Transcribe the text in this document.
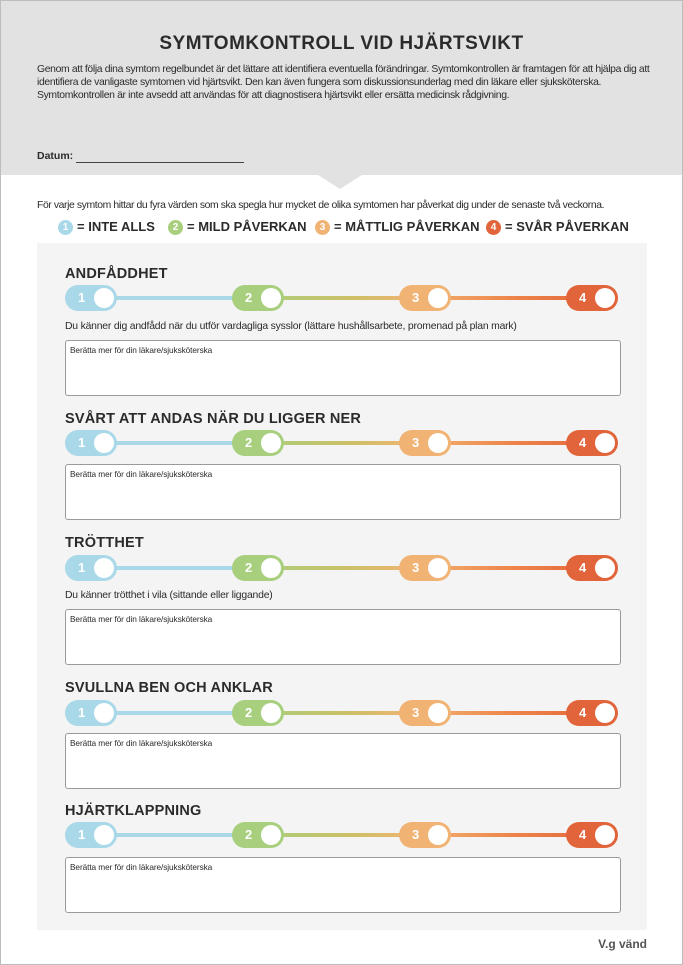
SYMTOMKONTROLL VID HJÄRTSVIKT
Genom att följa dina symtom regelbundet är det lättare att identifiera eventuella förändringar. Symtomkontrollen är framtagen för att hjälpa dig att identifiera de vanligaste symtomen vid hjärtsvikt. Den kan även fungera som diskussionsunderlag med din läkare eller sjuksköterska. Symtomkontrollen är inte avsedd att användas för att diagnostisera hjärtsvikt eller ersätta medicinsk rådgivning.
Datum:
För varje symtom hittar du fyra värden som ska spegla hur mycket de olika symtomen har påverkat dig under de senaste två veckorna.
1 = INTE ALLS	2 = MILD PÅVERKAN	3 = MÅTTLIG PÅVERKAN	4 = SVÅR PÅVERKAN
ANDFÅDDHET
1	2	3	4
Du känner dig andfådd när du utför vardagliga sysslor (lättare hushållsarbete, promenad på plan mark)
Berätta mer för din läkare/sjuksköterska
SVÅRT ATT ANDAS NÄR DU LIGGER NER
1	2	3	4
Berätta mer för din läkare/sjuksköterska
TRÖTTHET
1	2	3	4
Du känner trötthet i vila (sittande eller liggande)
Berätta mer för din läkare/sjuksköterska
SVULLNA BEN OCH ANKLAR
1	2	3	4
Berätta mer för din läkare/sjuksköterska
HJÄRTKLAPPNING
1	2	3	4
Berätta mer för din läkare/sjuksköterska
V.g vänd
